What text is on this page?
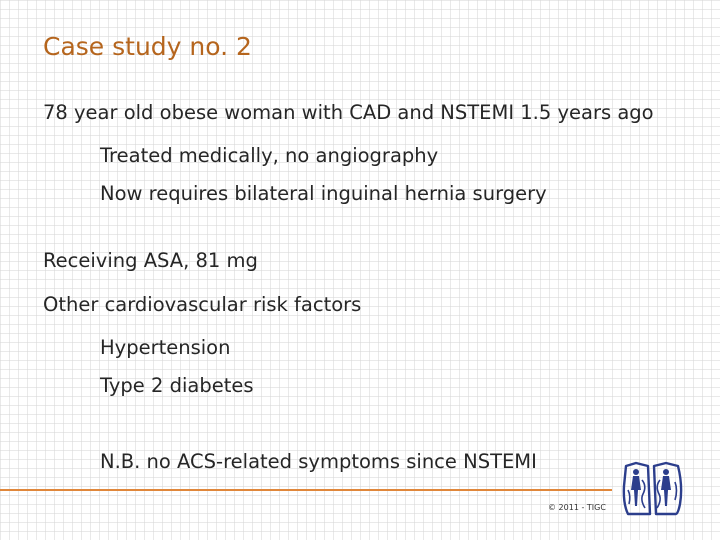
Case study no. 2

78 year old obese woman with CAD and NSTEMI 1.5 years ago

Treated medically, no angiography

Now requires bilateral inguinal hernia surgery

Receiving ASA, 81 mg

Other cardiovascular risk factors

Hypertension

Type 2 diabetes

N.B. no ACS-related symptoms since NSTEMI

© 2011 - TIGC
